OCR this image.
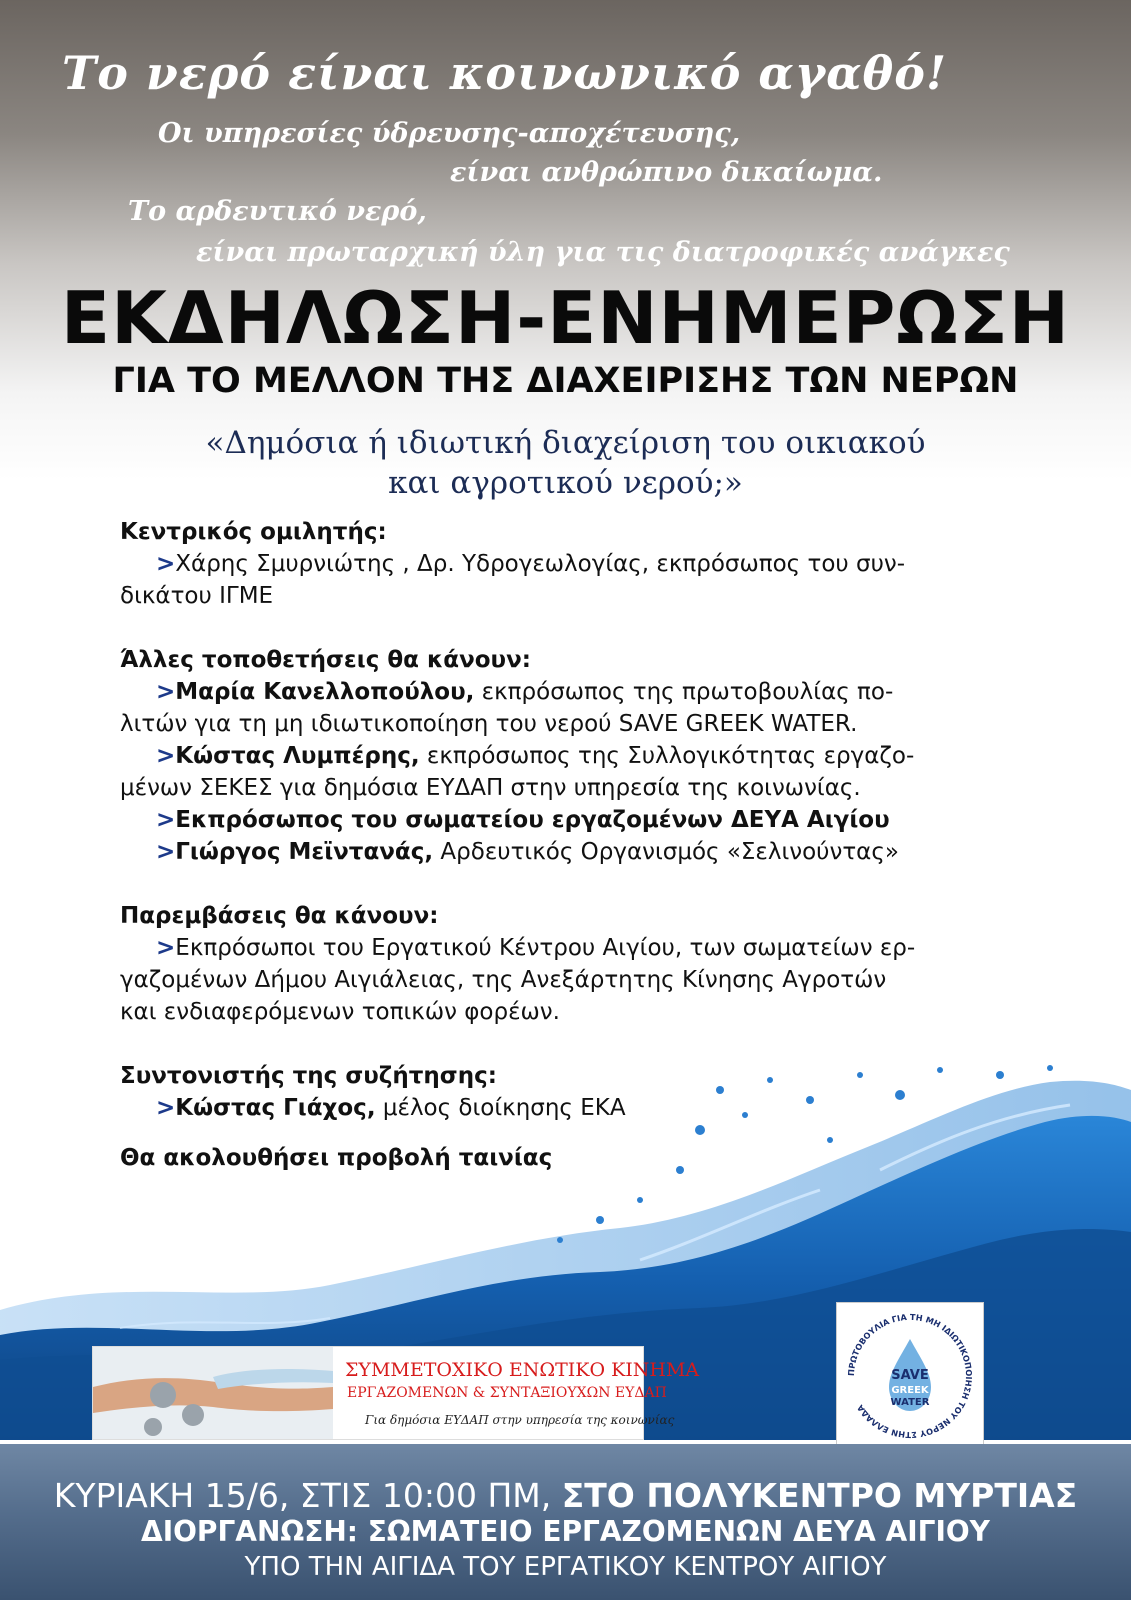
Το νερό είναι κοινωνικό αγαθό!
Οι υπηρεσίες ύδρευσης-αποχέτευσης,
είναι ανθρώπινο δικαίωμα.
Το αρδευτικό νερό,
είναι πρωταρχική ύλη για τις διατροφικές ανάγκες
ΕΚΔΗΛΩΣΗ-ΕΝΗΜΕΡΩΣΗ
ΓΙΑ ΤΟ ΜΕΛΛΟΝ ΤΗΣ ΔΙΑΧΕΙΡΙΣΗΣ ΤΩΝ ΝΕΡΩΝ
«Δημόσια ή ιδιωτική διαχείριση του οικιακού
και αγροτικού νερού;»
Κεντρικός ομιλητής:
>Χάρης Σμυρνιώτης , Δρ. Υδρογεωλογίας, εκπρόσωπος του συν-
δικάτου ΙΓΜΕ
Άλλες τοποθετήσεις θα κάνουν:
>Μαρία Κανελλοπούλου, εκπρόσωπος της πρωτοβουλίας πο-
λιτών για τη μη ιδιωτικοποίηση του νερού SAVE GREEK WATER.
>Κώστας Λυμπέρης, εκπρόσωπος της Συλλογικότητας εργαζο-
μένων ΣΕΚΕΣ για δημόσια ΕΥΔΑΠ στην υπηρεσία της κοινωνίας.
>Εκπρόσωπος του σωματείου εργαζομένων ΔΕΥΑ Αιγίου
>Γιώργος Μεϊντανάς, Αρδευτικός Οργανισμός «Σελινούντας»
Παρεμβάσεις θα κάνουν:
>Εκπρόσωποι του Εργατικού Κέντρου Αιγίου, των σωματείων ερ-
γαζομένων Δήμου Αιγιάλειας, της Ανεξάρτητης Κίνησης Αγροτών
και ενδιαφερόμενων τοπικών φορέων.
Συντονιστής της συζήτησης:
>Κώστας Γιάχος, μέλος διοίκησης ΕΚΑ
Θα ακολουθήσει προβολή ταινίας
ΣΥΜΜΕΤΟΧΙΚΟ ΕΝΩΤΙΚΟ ΚΙΝΗΜΑ
ΕΡΓΑΖΟΜΕΝΩΝ & ΣΥΝΤΑΞΙΟΥΧΩΝ ΕΥΔΑΠ
Για δημόσια ΕΥΔΑΠ στην υπηρεσία της κοινωνίας
ΠΡΩΤΟΒΟΥΛΙΑ ΓΙΑ ΤΗ ΜΗ ΙΔΙΩΤΙΚΟΠΟΙΗΣΗ ΤΟΥ ΝΕΡΟΥ ΣΤΗΝ ΕΛΛΑΔΑ
SAVE
GREEK
WATER
ΚΥΡΙΑΚΗ 15/6, ΣΤΙΣ 10:00 ΠΜ, ΣΤΟ ΠΟΛΥΚΕΝΤΡΟ ΜΥΡΤΙΑΣ
ΔΙΟΡΓΑΝΩΣΗ: ΣΩΜΑΤΕΙΟ ΕΡΓΑΖΟΜΕΝΩΝ ΔΕΥΑ ΑΙΓΙΟΥ
ΥΠΟ ΤΗΝ ΑΙΓΙΔΑ ΤΟΥ ΕΡΓΑΤΙΚΟΥ ΚΕΝΤΡΟΥ ΑΙΓΙΟΥ
